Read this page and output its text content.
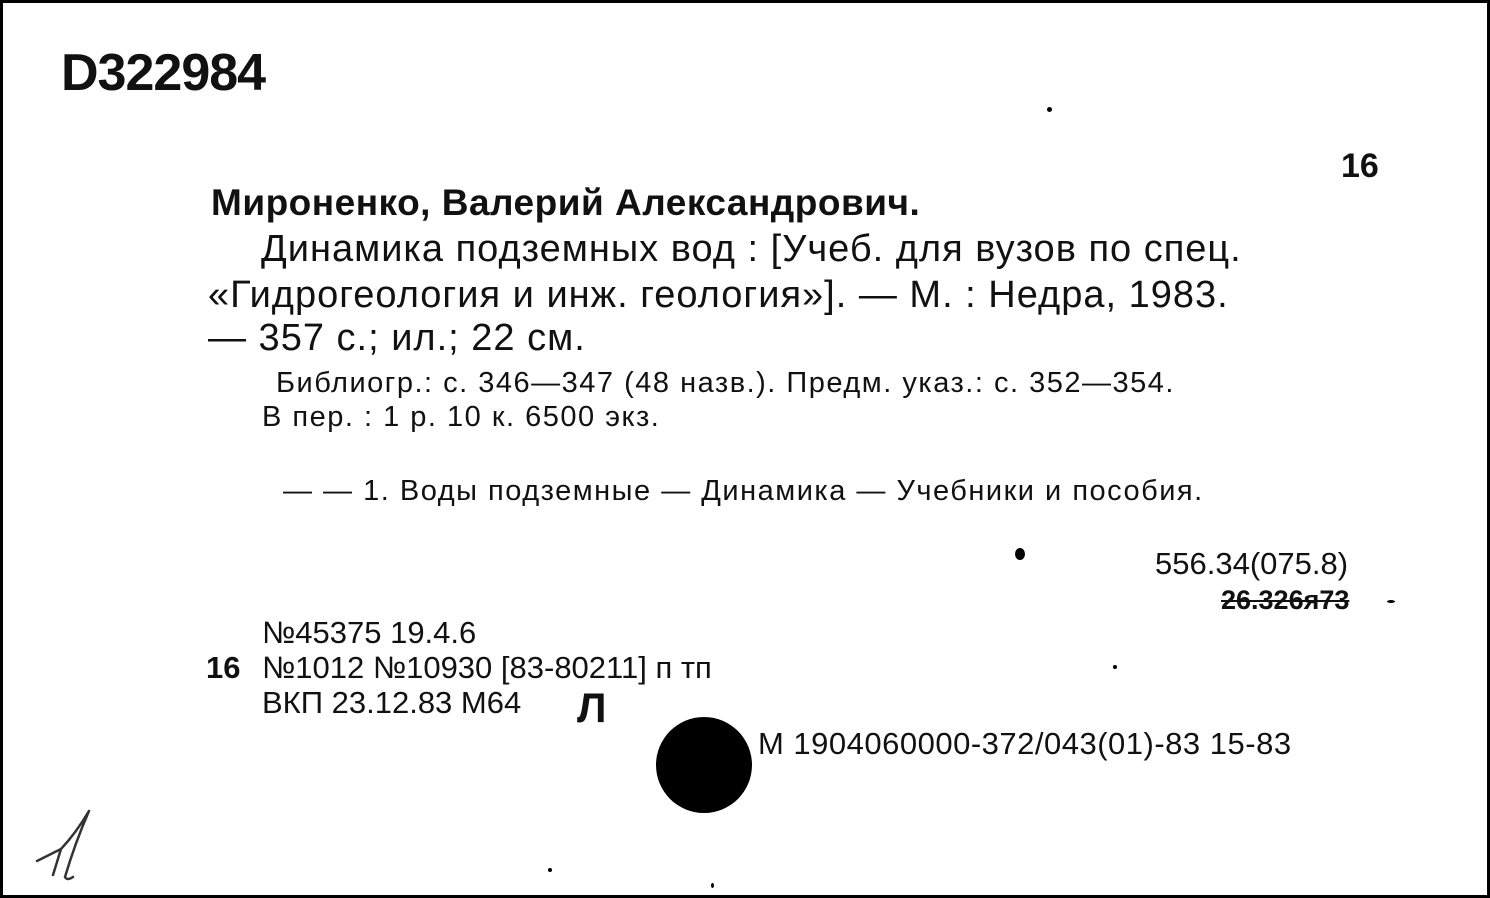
D322984
16
Мироненко, Валерий Александрович.
Динамика подземных вод : [Учеб. для вузов по спец.
«Гидрогеология и инж. геология»]. — М. : Недра, 1983.
— 357 с.; ил.; 22 см.
Библиогр.: с. 346—347 (48 назв.). Предм. указ.: с. 352—354.
В пер. : 1 р. 10 к. 6500 экз.
— — 1. Воды подземные — Динамика — Учебники и пособия.
556.34(075.8)
26.326я73
№45375 19.4.6
16 №1012 №10930 [83-80211] п тп
ВКП 23.12.83 М64 Л
М 1904060000-372/043(01)-83 15-83
